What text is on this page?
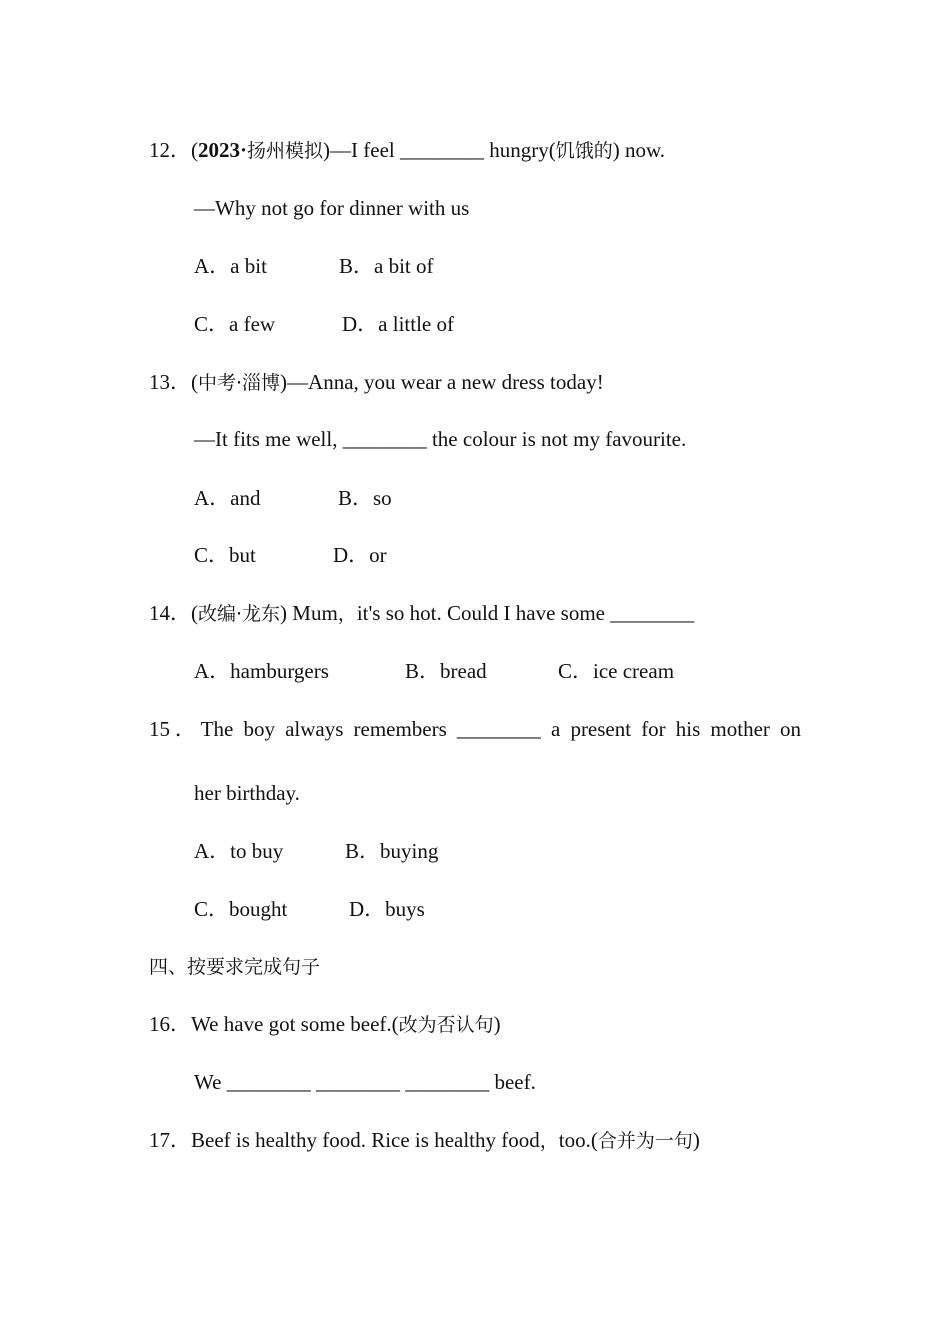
12．(2023·扬州模拟)—I feel ________ hungry(饥饿的) now.
—Why not go for dinner with us
A．a bit	B．a bit of
C．a few	D．a little of
13．(中考·淄博)—Anna, you wear a new dress today!
—It fits me well, ________ the colour is not my favourite.
A．and	B．so
C．but	D．or
14．(改编·龙东) Mum，it's so hot. Could I have some ________
A．hamburgers	B．bread	C．ice cream
15．The boy always remembers ________ a present for his mother on
her birthday.
A．to buy	B．buying
C．bought	D．buys
四、按要求完成句子
16．We have got some beef.(改为否认句)
We ________ ________ ________ beef.
17．Beef is healthy food. Rice is healthy food，too.(合并为一句)
